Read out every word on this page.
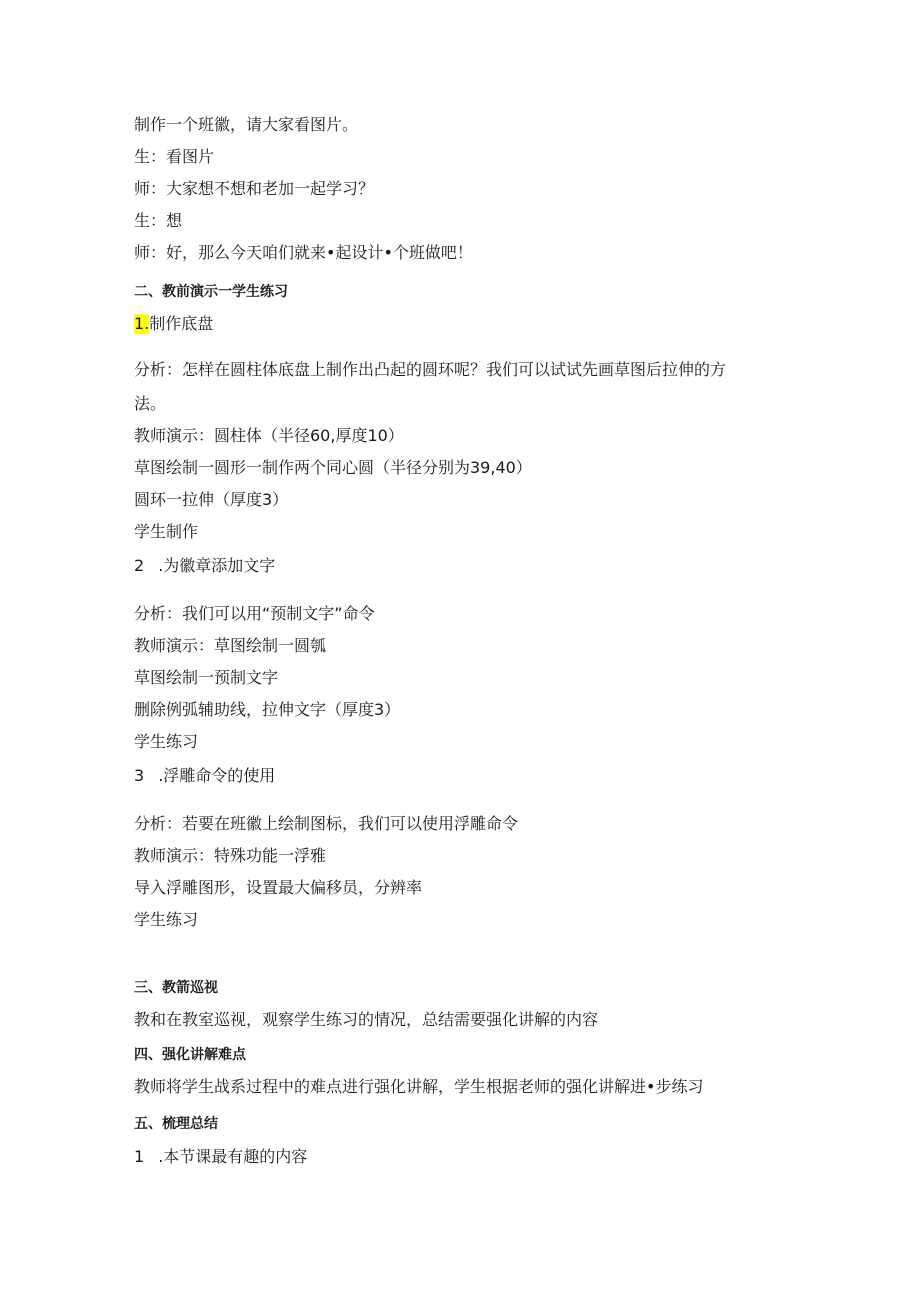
制作一个班徽，请大家看图片。
生：看图片
师：大家想不想和老加一起学习？
生：想
师：好，那么今天咱们就来•起设计•个班做吧！
二、教前演示一学生练习
1.制作底盘
分析：怎样在圆柱体底盘上制作出凸起的圆环呢？我们可以试试先画草图后拉伸的方
法。
教师演示：圆柱体（半径60,厚度10）
草图绘制一圆形一制作两个同心圆（半径分别为39,40）
圆环一拉伸（厚度3）
学生制作
2 .为徽章添加文字
分析：我们可以用“预制文字”命令
教师演示：草图绘制一圆瓠
草图绘制一预制文字
删除例弧辅助线，拉伸文字（厚度3）
学生练习
3 .浮雕命令的使用
分析：若要在班徽上绘制图标，我们可以使用浮雕命令
教师演示：特殊功能一浮雅
导入浮雕图形，设置最大偏移员，分辨率
学生练习
三、教箭巡视
教和在教室巡视，观察学生练习的情况，总结需要强化讲解的内容
四、强化讲解难点
教师将学生战系过程中的难点进行强化讲解，学生根据老师的强化讲解进•步练习
五、梳理总结
1 .本节课最有趣的内容
